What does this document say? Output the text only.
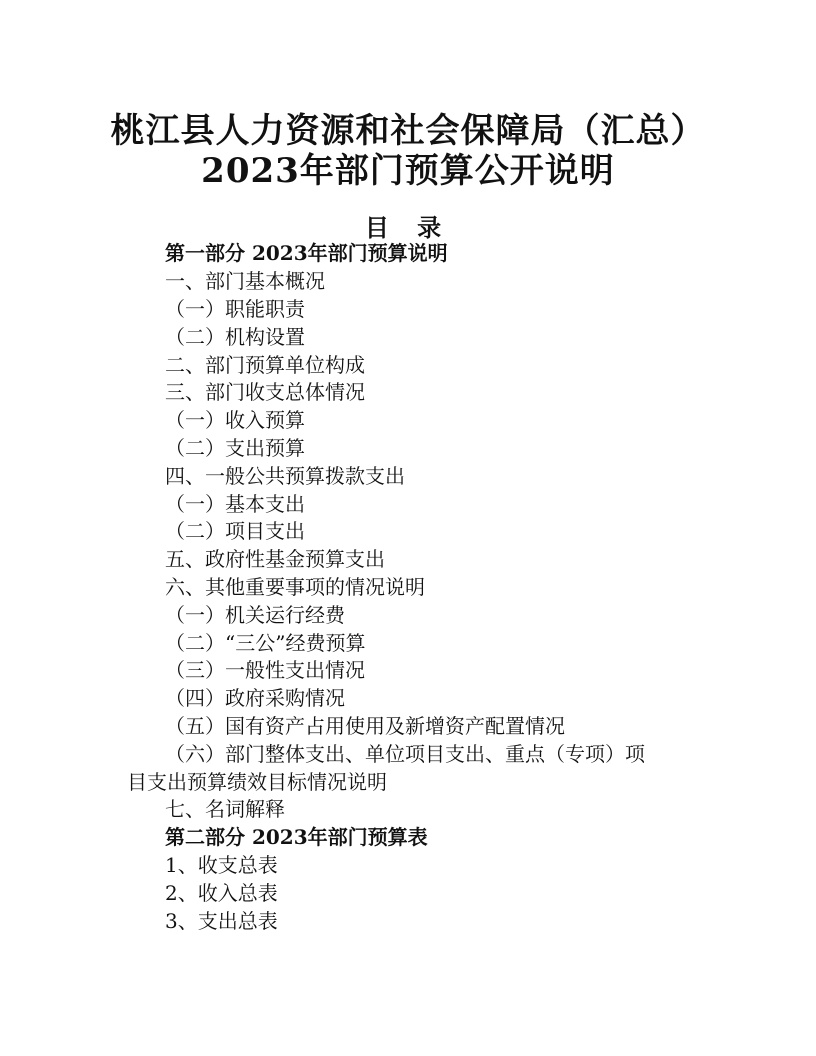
桃江县人力资源和社会保障局（汇总）
2023年部门预算公开说明
目 录
第一部分 2023年部门预算说明
一、部门基本概况
（一）职能职责
（二）机构设置
二、部门预算单位构成
三、部门收支总体情况
（一）收入预算
（二）支出预算
四、一般公共预算拨款支出
（一）基本支出
（二）项目支出
五、政府性基金预算支出
六、其他重要事项的情况说明
（一）机关运行经费
（二）“三公”经费预算
（三）一般性支出情况
（四）政府采购情况
（五）国有资产占用使用及新增资产配置情况
（六）部门整体支出、单位项目支出、重点（专项）项
目支出预算绩效目标情况说明
七、名词解释
第二部分 2023年部门预算表
1、收支总表
2、收入总表
3、支出总表
